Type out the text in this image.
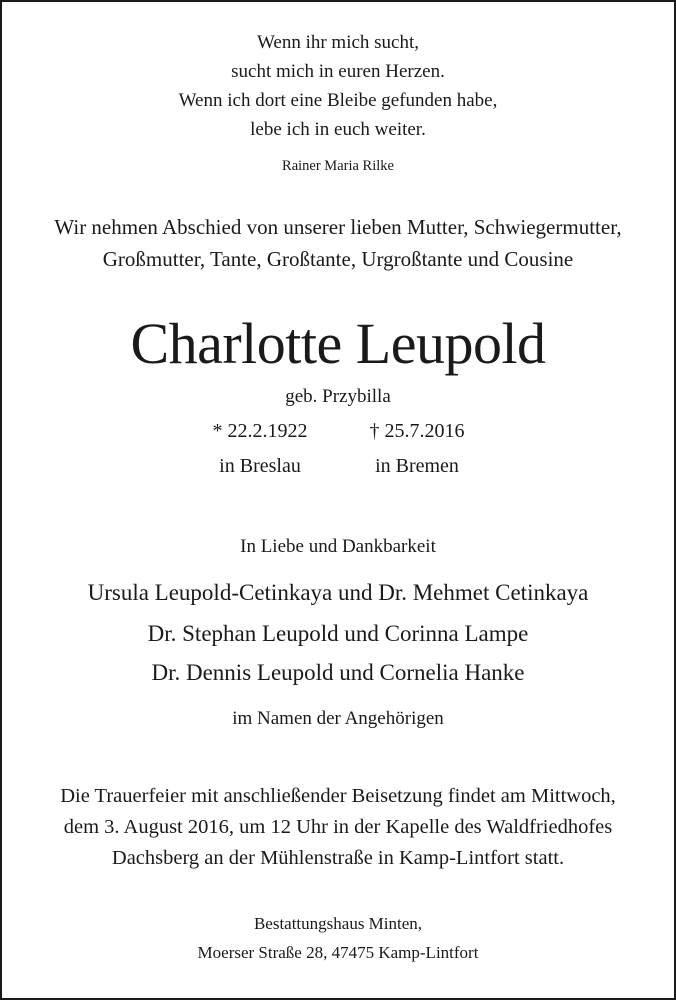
Wenn ihr mich sucht,
sucht mich in euren Herzen.
Wenn ich dort eine Bleibe gefunden habe,
lebe ich in euch weiter.
Rainer Maria Rilke
Wir nehmen Abschied von unserer lieben Mutter, Schwiegermutter,
Großmutter, Tante, Großtante, Urgroßtante und Cousine
Charlotte Leupold
geb. Przybilla
* 22.2.1922	† 25.7.2016
in Breslau	in Bremen
In Liebe und Dankbarkeit
Ursula Leupold-Cetinkaya und Dr. Mehmet Cetinkaya
Dr. Stephan Leupold und Corinna Lampe
Dr. Dennis Leupold und Cornelia Hanke
im Namen der Angehörigen
Die Trauerfeier mit anschließender Beisetzung findet am Mittwoch,
dem 3. August 2016, um 12 Uhr in der Kapelle des Waldfriedhofes
Dachsberg an der Mühlenstraße in Kamp-Lintfort statt.
Bestattungshaus Minten,
Moerser Straße 28, 47475 Kamp-Lintfort
